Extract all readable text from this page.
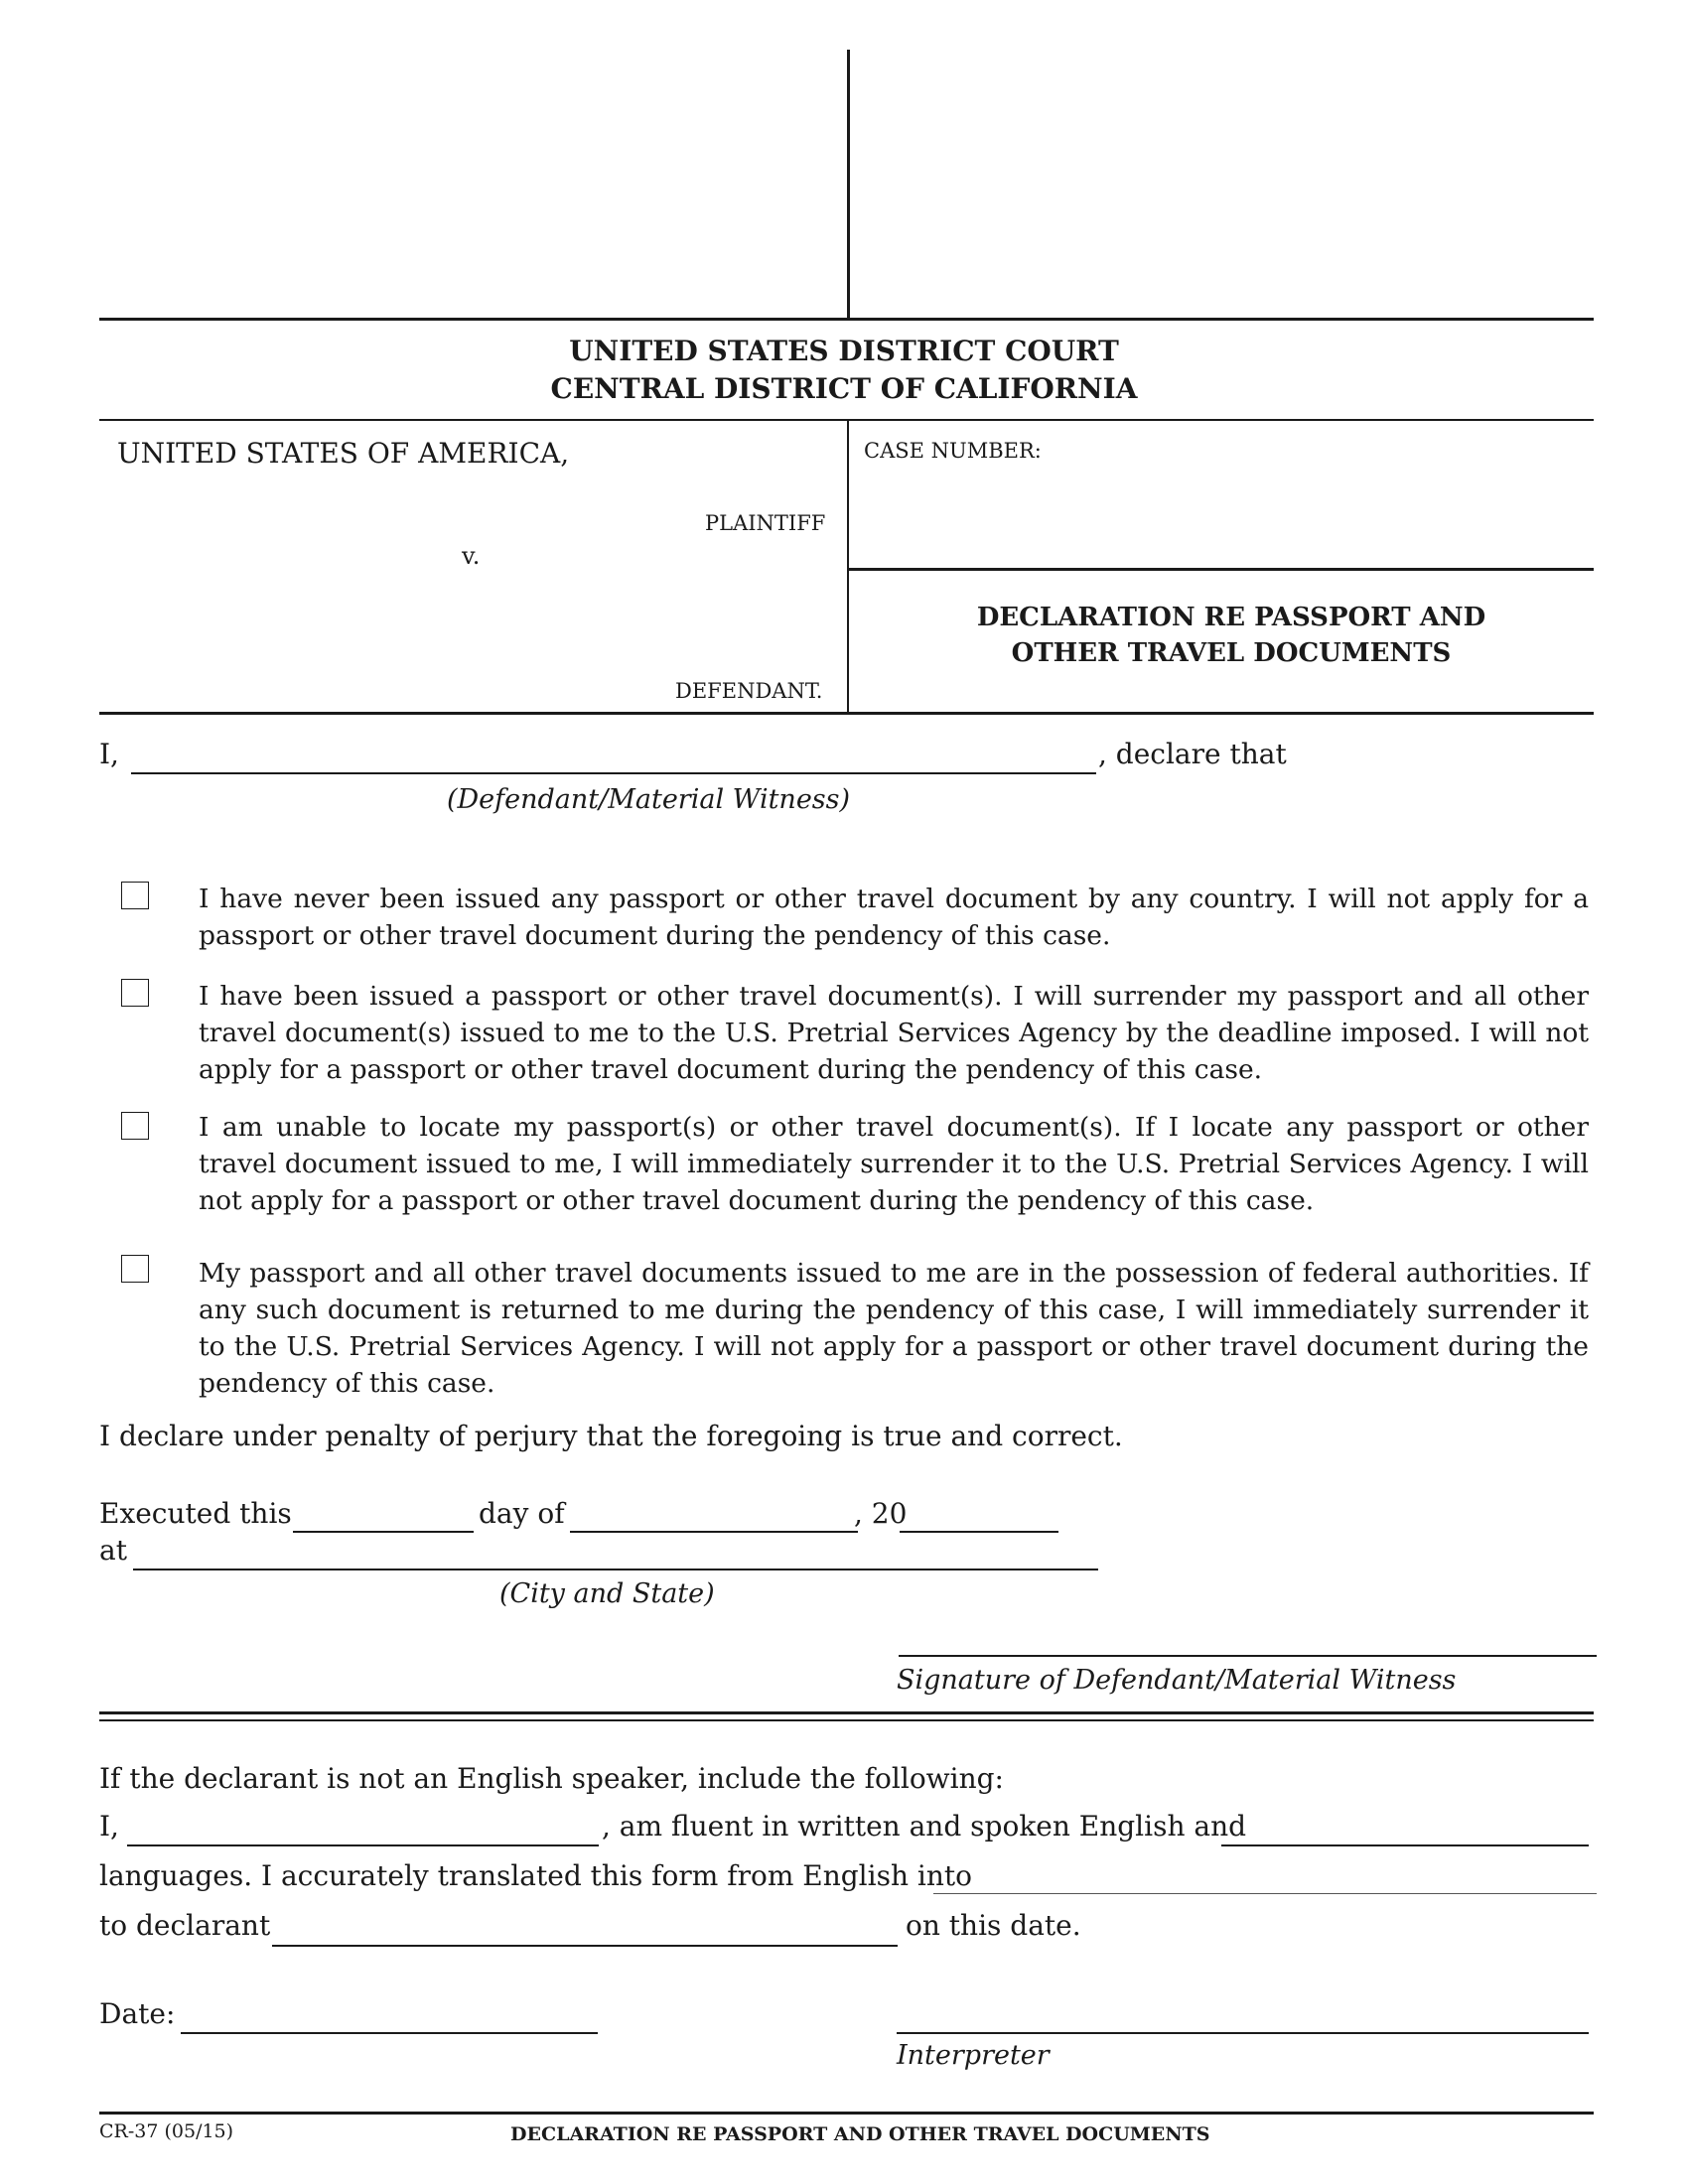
UNITED STATES DISTRICT COURT
CENTRAL DISTRICT OF CALIFORNIA
UNITED STATES OF AMERICA,
PLAINTIFF
v.
DEFENDANT.
CASE NUMBER:
DECLARATION RE PASSPORT AND
OTHER TRAVEL DOCUMENTS
I,	, declare that
(Defendant/Material Witness)
I have never been issued any passport or other travel document by any country. I will not apply for a passport or other travel document during the pendency of this case.
I have been issued a passport or other travel document(s). I will surrender my passport and all other travel document(s) issued to me to the U.S. Pretrial Services Agency by the deadline imposed. I will not apply for a passport or other travel document during the pendency of this case.
I am unable to locate my passport(s) or other travel document(s). If I locate any passport or other travel document issued to me, I will immediately surrender it to the U.S. Pretrial Services Agency. I will not apply for a passport or other travel document during the pendency of this case.
My passport and all other travel documents issued to me are in the possession of federal authorities. If any such document is returned to me during the pendency of this case, I will immediately surrender it to the U.S. Pretrial Services Agency. I will not apply for a passport or other travel document during the pendency of this case.
I declare under penalty of perjury that the foregoing is true and correct.
Executed this	day of	, 20
at
(City and State)
Signature of Defendant/Material Witness
If the declarant is not an English speaker, include the following:
I,	, am fluent in written and spoken English and
languages. I accurately translated this form from English into
to declarant	on this date.
Date:
Interpreter
CR-37 (05/15)	DECLARATION RE PASSPORT AND OTHER TRAVEL DOCUMENTS
